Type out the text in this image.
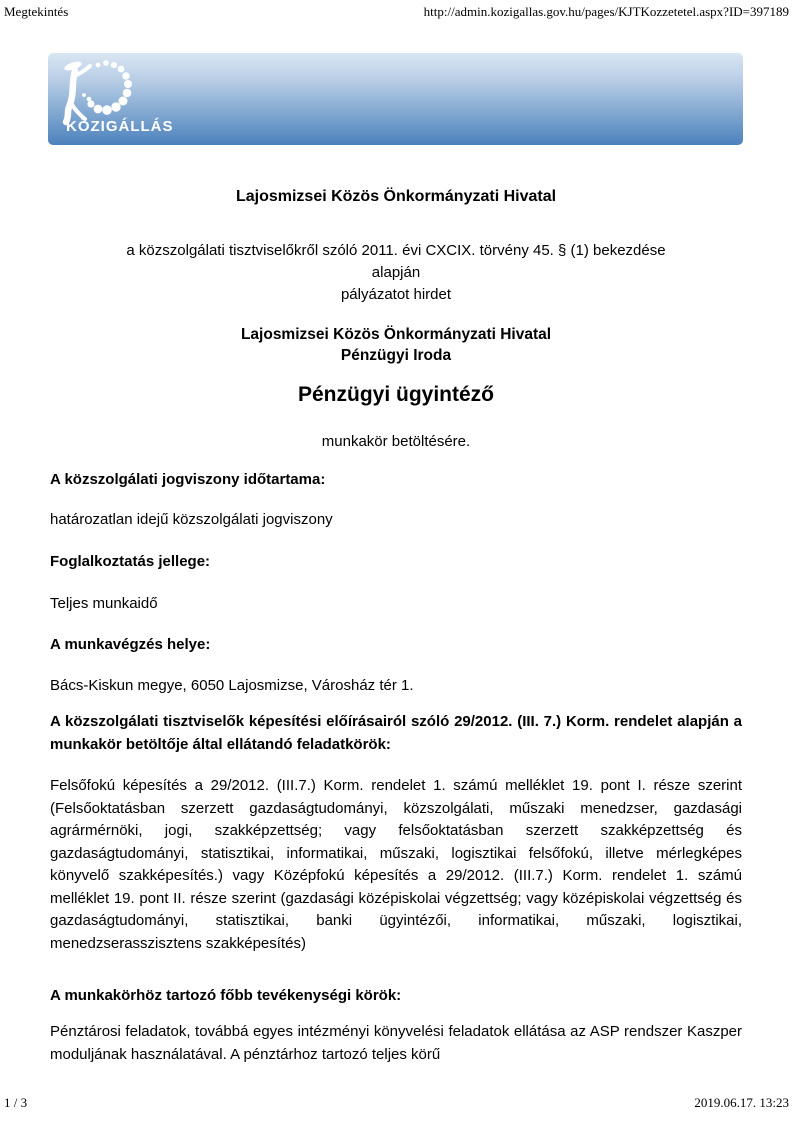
Megtekintés	http://admin.kozigallas.gov.hu/pages/KJTKozzetetel.aspx?ID=397189
KÖZIGÁLLÁS
Lajosmizsei Közös Önkormányzati Hivatal
a közszolgálati tisztviselőkről szóló 2011. évi CXCIX. törvény 45. § (1) bekezdése
alapján
pályázatot hirdet
Lajosmizsei Közös Önkormányzati Hivatal
Pénzügyi Iroda
Pénzügyi ügyintéző
munkakör betöltésére.
A közszolgálati jogviszony időtartama:
határozatlan idejű közszolgálati jogviszony
Foglalkoztatás jellege:
Teljes munkaidő
A munkavégzés helye:
Bács-Kiskun megye, 6050 Lajosmizse, Városház tér 1.
A közszolgálati tisztviselők képesítési előírásairól szóló 29/2012. (III. 7.) Korm. rendelet alapján a munkakör betöltője által ellátandó feladatkörök:
Felsőfokú képesítés a 29/2012. (III.7.) Korm. rendelet 1. számú melléklet 19. pont I. része szerint (Felsőoktatásban szerzett gazdaságtudományi, közszolgálati, műszaki menedzser, gazdasági agrármérnöki, jogi, szakképzettség; vagy felsőoktatásban szerzett szakképzettség és gazdaságtudományi, statisztikai, informatikai, műszaki, logisztikai felsőfokú, illetve mérlegképes könyvelő szakképesítés.) vagy Középfokú képesítés a 29/2012. (III.7.) Korm. rendelet 1. számú melléklet 19. pont II. része szerint (gazdasági középiskolai végzettség; vagy középiskolai végzettség és gazdaságtudományi, statisztikai, banki ügyintézői, informatikai, műszaki, logisztikai, menedzserasszisztens szakképesítés)
A munkakörhöz tartozó főbb tevékenységi körök:
Pénztárosi feladatok, továbbá egyes intézményi könyvelési feladatok ellátása az ASP rendszer Kaszper moduljának használatával. A pénztárhoz tartozó teljes körű
1 / 3	2019.06.17. 13:23
